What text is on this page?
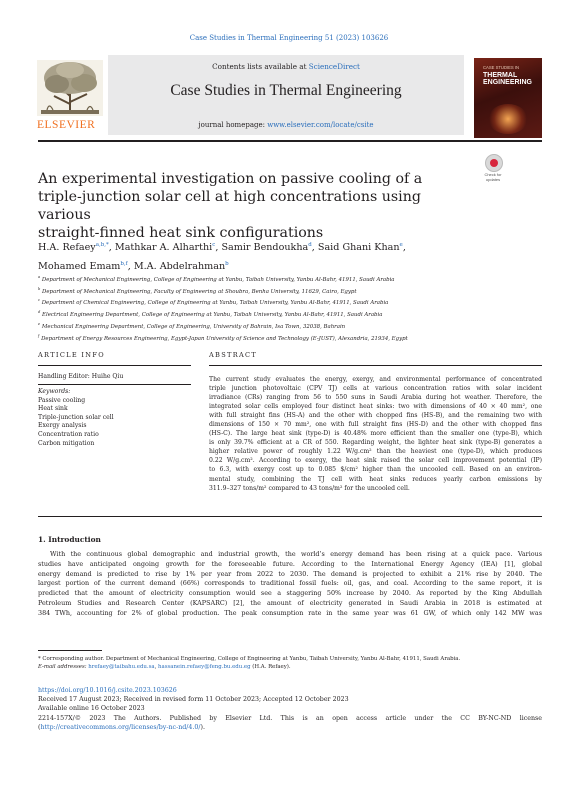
Case Studies in Thermal Engineering 51 (2023) 103626
ELSEVIER
Contents lists available at ScienceDirect
Case Studies in Thermal Engineering
journal homepage: www.elsevier.com/locate/csite
CASE STUDIES IN
THERMAL
ENGINEERING
An experimental investigation on passive cooling of a
triple-junction solar cell at high concentrations using various
straight-finned heat sink configurations
Check for
updates
H.A. Refaey$^{a,b,*}$, Mathkar A. Alharthi$^c$, Samir Bendoukha$^d$, Said Ghani Khan$^e$,
Mohamed Emam$^{b,f}$, M.A. Abdelrahman$^b$
$^a$ Department of Mechanical Engineering, College of Engineering at Yanbu, Taibah University, Yanbu Al-Bahr, 41911, Saudi Arabia
$^b$ Department of Mechanical Engineering, Faculty of Engineering at Shoubra, Benha University, 11629, Cairo, Egypt
$^c$ Department of Chemical Engineering, College of Engineering at Yanbu, Taibah University, Yanbu Al-Bahr, 41911, Saudi Arabia
$^d$ Electrical Engineering Department, College of Engineering at Yanbu, Taibah University, Yanbu Al-Bahr, 41911, Saudi Arabia
$^e$ Mechanical Engineering Department, College of Engineering, University of Bahrain, Isa Town, 32038, Bahrain
$^f$ Department of Energy Resources Engineering, Egypt-Japan University of Science and Technology (E-JUST), Alexandria, 21934, Egypt
ARTICLE INFO	ABSTRACT
Handling Editor: Huihe Qiu
Keywords:
Passive cooling
Heat sink
Triple-junction solar cell
Exergy analysis
Concentration ratio
Carbon mitigation
The current study evaluates the energy, exergy, and environmental performance of concentrated
triple junction photovoltaic (CPV TJ) cells at various concentration ratios with solar incident
irradiance (CRs) ranging from 56 to 550 suns in Saudi Arabia during hot weather. Therefore, the
integrated solar cells employed four distinct heat sinks: two with dimensions of 40 × 40 mm², one
with full straight fins (HS-A) and the other with chopped fins (HS-B), and the remaining two with
dimensions of 150 × 70 mm², one with full straight fins (HS-D) and the other with chopped fins
(HS-C). The large heat sink (type-D) is 40.48% more efficient than the smaller one (type-B), which
is only 39.7% efficient at a CR of 550. Regarding weight, the lighter heat sink (type-B) generates a
higher relative power of roughly 1.22 W/g.cm² than the heaviest one (type-D), which produces
0.22 W/g.cm². According to exergy, the heat sink raised the solar cell improvement potential (IP)
to 6.3, with exergy cost up to 0.085 $/cm² higher than the uncooled cell. Based on an environ-
mental study, combining the TJ cell with heat sinks reduces yearly carbon emissions by
311.9–327 tons/m² compared to 43 tons/m² for the uncooled cell.
1. Introduction
With the continuous global demographic and industrial growth, the world’s energy demand has been rising at a quick pace. Various
studies have anticipated ongoing growth for the foreseeable future. According to the International Energy Agency (IEA) [1], global
energy demand is predicted to rise by 1% per year from 2022 to 2030. The demand is projected to exhibit a 21% rise by 2040. The
largest portion of the current demand (66%) corresponds to traditional fossil fuels: oil, gas, and coal. According to the same report, it is
predicted that the amount of electricity consumption would see a staggering 50% increase by 2040. As reported by the King Abdullah
Petroleum Studies and Research Center (KAPSARC) [2], the amount of electricity generated in Saudi Arabia in 2018 is estimated at
384 TWh, accounting for 2% of global production. The peak consumption rate in the same year was 61 GW, of which only 142 MW was
* Corresponding author. Department of Mechanical Engineering, College of Engineering at Yanbu, Taibah University, Yanbu Al-Bahr, 41911, Saudi Arabia.
E-mail addresses: hrefaey@taibahu.edu.sa, hassanein.refaey@feng.bu.edu.eg (H.A. Refaey).
https://doi.org/10.1016/j.csite.2023.103626
Received 17 August 2023; Received in revised form 11 October 2023; Accepted 12 October 2023
Available online 16 October 2023
2214-157X/© 2023 The Authors. Published by Elsevier Ltd. This is an open access article under the CC BY-NC-ND license
(http://creativecommons.org/licenses/by-nc-nd/4.0/).
